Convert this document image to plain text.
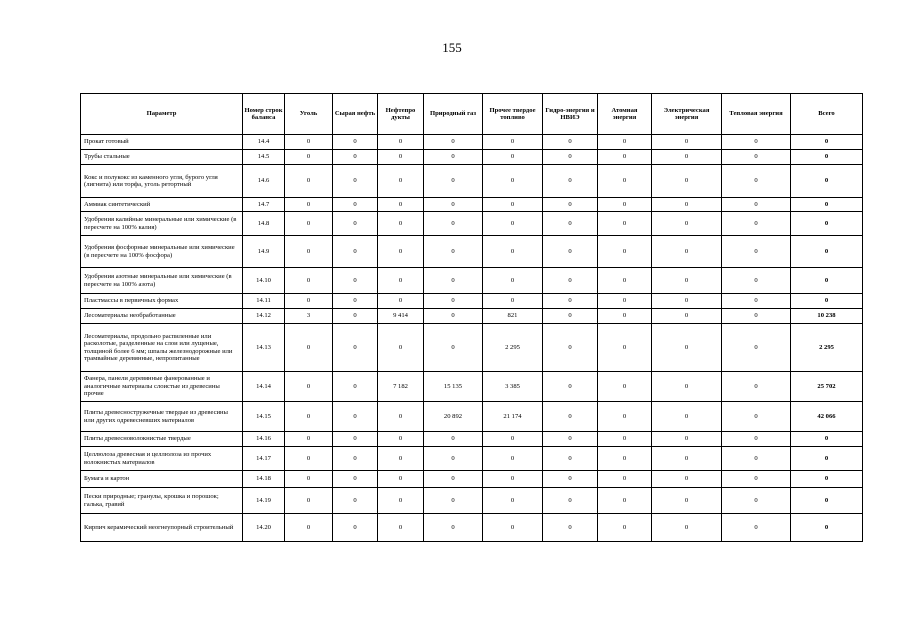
155
Параметр	Номер строк баланса	Уголь	Сырая нефть	Нефтепро дукты	Природный газ	Прочее твердое топливо	Гидро-энергия и НВИЭ	Атомная энергия	Электрическая энергия	Тепловая энергия	Всего
Прокат готовый	14.4	0	0	0	0	0	0	0	0	0	0
Трубы стальные	14.5	0	0	0	0	0	0	0	0	0	0
Кокс и полукокс из каменного угля, бурого угля (лигнита) или торфа, уголь ретортный	14.6	0	0	0	0	0	0	0	0	0	0
Аммиак синтетический	14.7	0	0	0	0	0	0	0	0	0	0
Удобрения калийные минеральные или химические (в пересчете на 100% калия)	14.8	0	0	0	0	0	0	0	0	0	0
Удобрения фосфорные минеральные или химические (в пересчете на 100% фосфора)	14.9	0	0	0	0	0	0	0	0	0	0
Удобрения азотные минеральные или химические (в пересчете на 100% азота)	14.10	0	0	0	0	0	0	0	0	0	0
Пластмассы в первичных формах	14.11	0	0	0	0	0	0	0	0	0	0
Лесоматериалы необработанные	14.12	3	0	9 414	0	821	0	0	0	0	10 238
Лесоматериалы, продольно распиленные или расколотые, разделенные на слои или лущеные, толщиной более 6 мм; шпалы железнодорожные или трамвайные деревянные, непропитанные	14.13	0	0	0	0	2 295	0	0	0	0	2 295
Фанера, панели деревянные фанерованные и аналогичные материалы слоистые из древесины прочие	14.14	0	0	7 182	15 135	3 385	0	0	0	0	25 702
Плиты древесностружечные твердые из древесины или других одревесневших материалов	14.15	0	0	0	20 892	21 174	0	0	0	0	42 066
Плиты древесноволокнистые твердые	14.16	0	0	0	0	0	0	0	0	0	0
Целлюлоза древесная и целлюлоза из прочих волокнистых материалов	14.17	0	0	0	0	0	0	0	0	0	0
Бумага и картон	14.18	0	0	0	0	0	0	0	0	0	0
Пески природные; гранулы, крошка и порошок; галька, гравий	14.19	0	0	0	0	0	0	0	0	0	0
Кирпич керамический неогнеупорный строительный	14.20	0	0	0	0	0	0	0	0	0	0
